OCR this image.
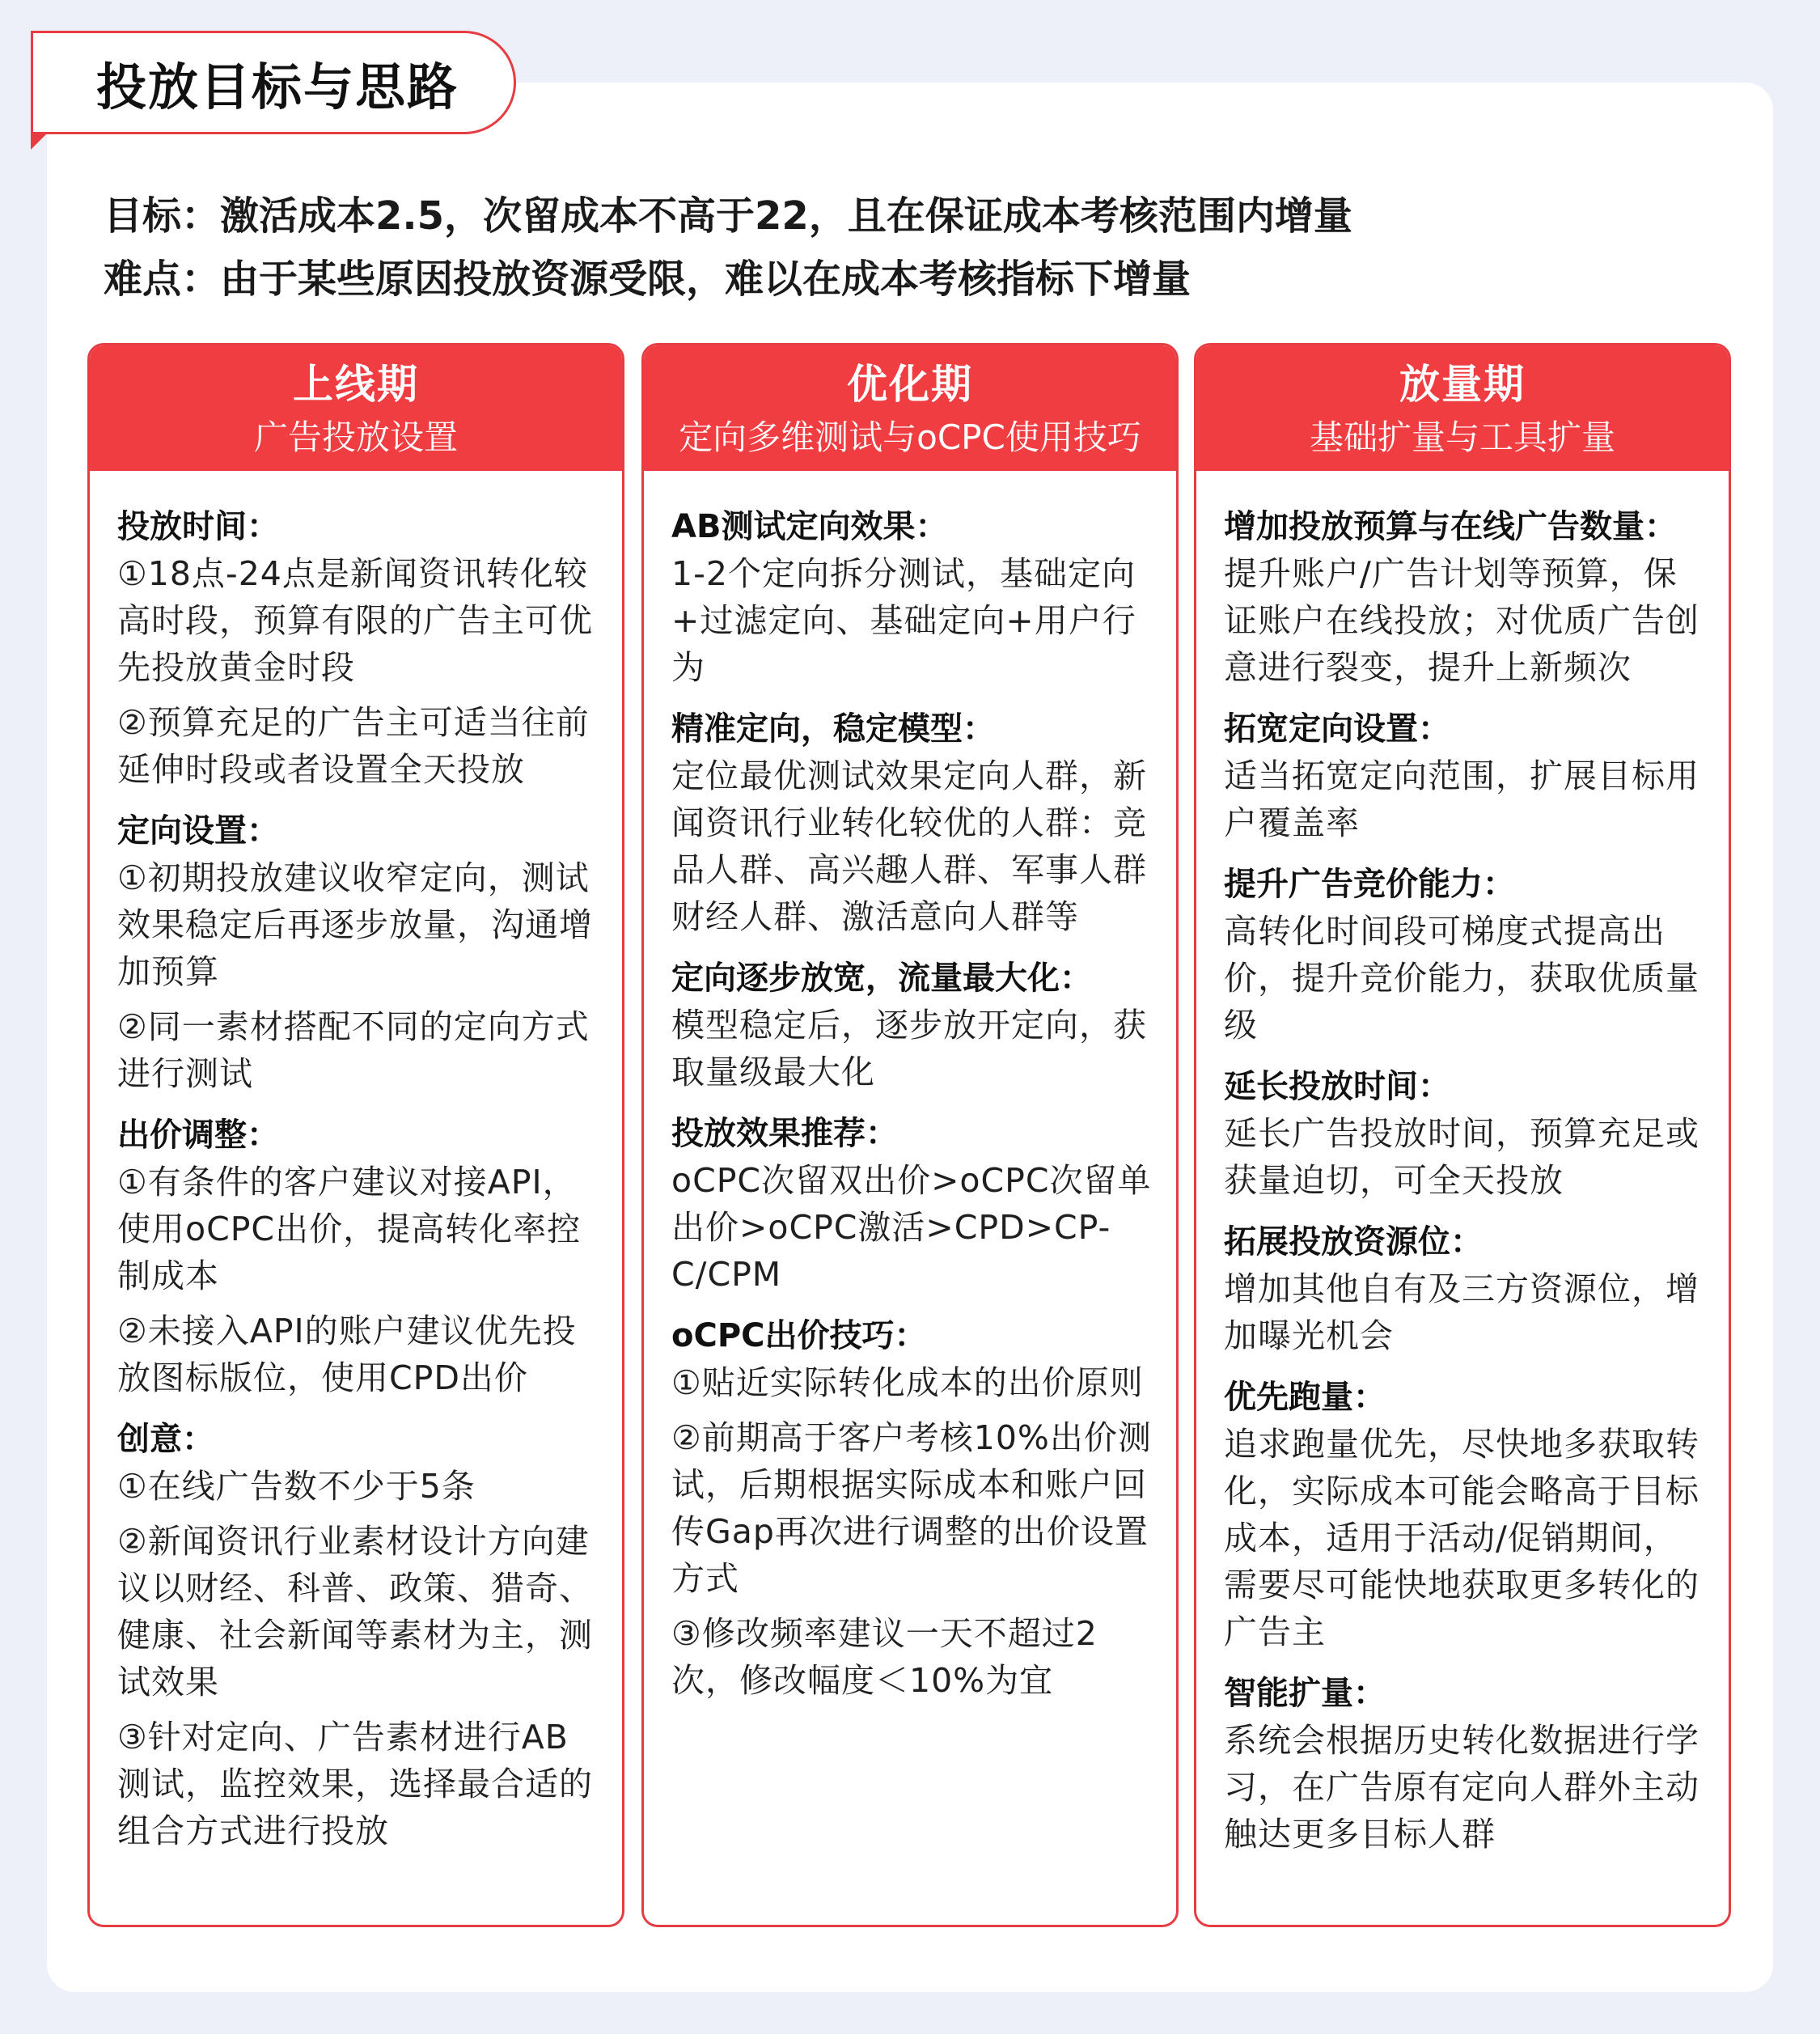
投放目标与思路
目标：激活成本2.5，次留成本不高于22，且在保证成本考核范围内增量
难点：由于某些原因投放资源受限，难以在成本考核指标下增量
上线期
广告投放设置
投放时间：
①18点-24点是新闻资讯转化较高时段，预算有限的广告主可优先投放黄金时段
②预算充足的广告主可适当往前延伸时段或者设置全天投放
定向设置：
①初期投放建议收窄定向，测试效果稳定后再逐步放量，沟通增加预算
②同一素材搭配不同的定向方式进行测试
出价调整：
①有条件的客户建议对接API，使用oCPC出价，提高转化率控制成本
②未接入API的账户建议优先投放图标版位，使用CPD出价
创意：
①在线广告数不少于5条
②新闻资讯行业素材设计方向建议以财经、科普、政策、猎奇、健康、社会新闻等素材为主，测试效果
③针对定向、广告素材进行AB测试，监控效果，选择最合适的组合方式进行投放
优化期
定向多维测试与oCPC使用技巧
AB测试定向效果：
1-2个定向拆分测试，基础定向+过滤定向、基础定向+用户行为
精准定向，稳定模型：
定位最优测试效果定向人群，新闻资讯行业转化较优的人群：竞品人群、高兴趣人群、军事人群财经人群、激活意向人群等
定向逐步放宽，流量最大化：
模型稳定后，逐步放开定向，获取量级最大化
投放效果推荐：
oCPC次留双出价>oCPC次留单出价>oCPC激活>CPD>CP-C/CPM
oCPC出价技巧：
①贴近实际转化成本的出价原则
②前期高于客户考核10%出价测试，后期根据实际成本和账户回传Gap再次进行调整的出价设置方式
③修改频率建议一天不超过2次，修改幅度＜10%为宜
放量期
基础扩量与工具扩量
增加投放预算与在线广告数量：
提升账户/广告计划等预算，保证账户在线投放；对优质广告创意进行裂变，提升上新频次
拓宽定向设置：
适当拓宽定向范围，扩展目标用户覆盖率
提升广告竞价能力：
高转化时间段可梯度式提高出价，提升竞价能力，获取优质量级
延长投放时间：
延长广告投放时间，预算充足或获量迫切，可全天投放
拓展投放资源位：
增加其他自有及三方资源位，增加曝光机会
优先跑量：
追求跑量优先，尽快地多获取转化，实际成本可能会略高于目标成本，适用于活动/促销期间，需要尽可能快地获取更多转化的广告主
智能扩量：
系统会根据历史转化数据进行学习，在广告原有定向人群外主动触达更多目标人群
